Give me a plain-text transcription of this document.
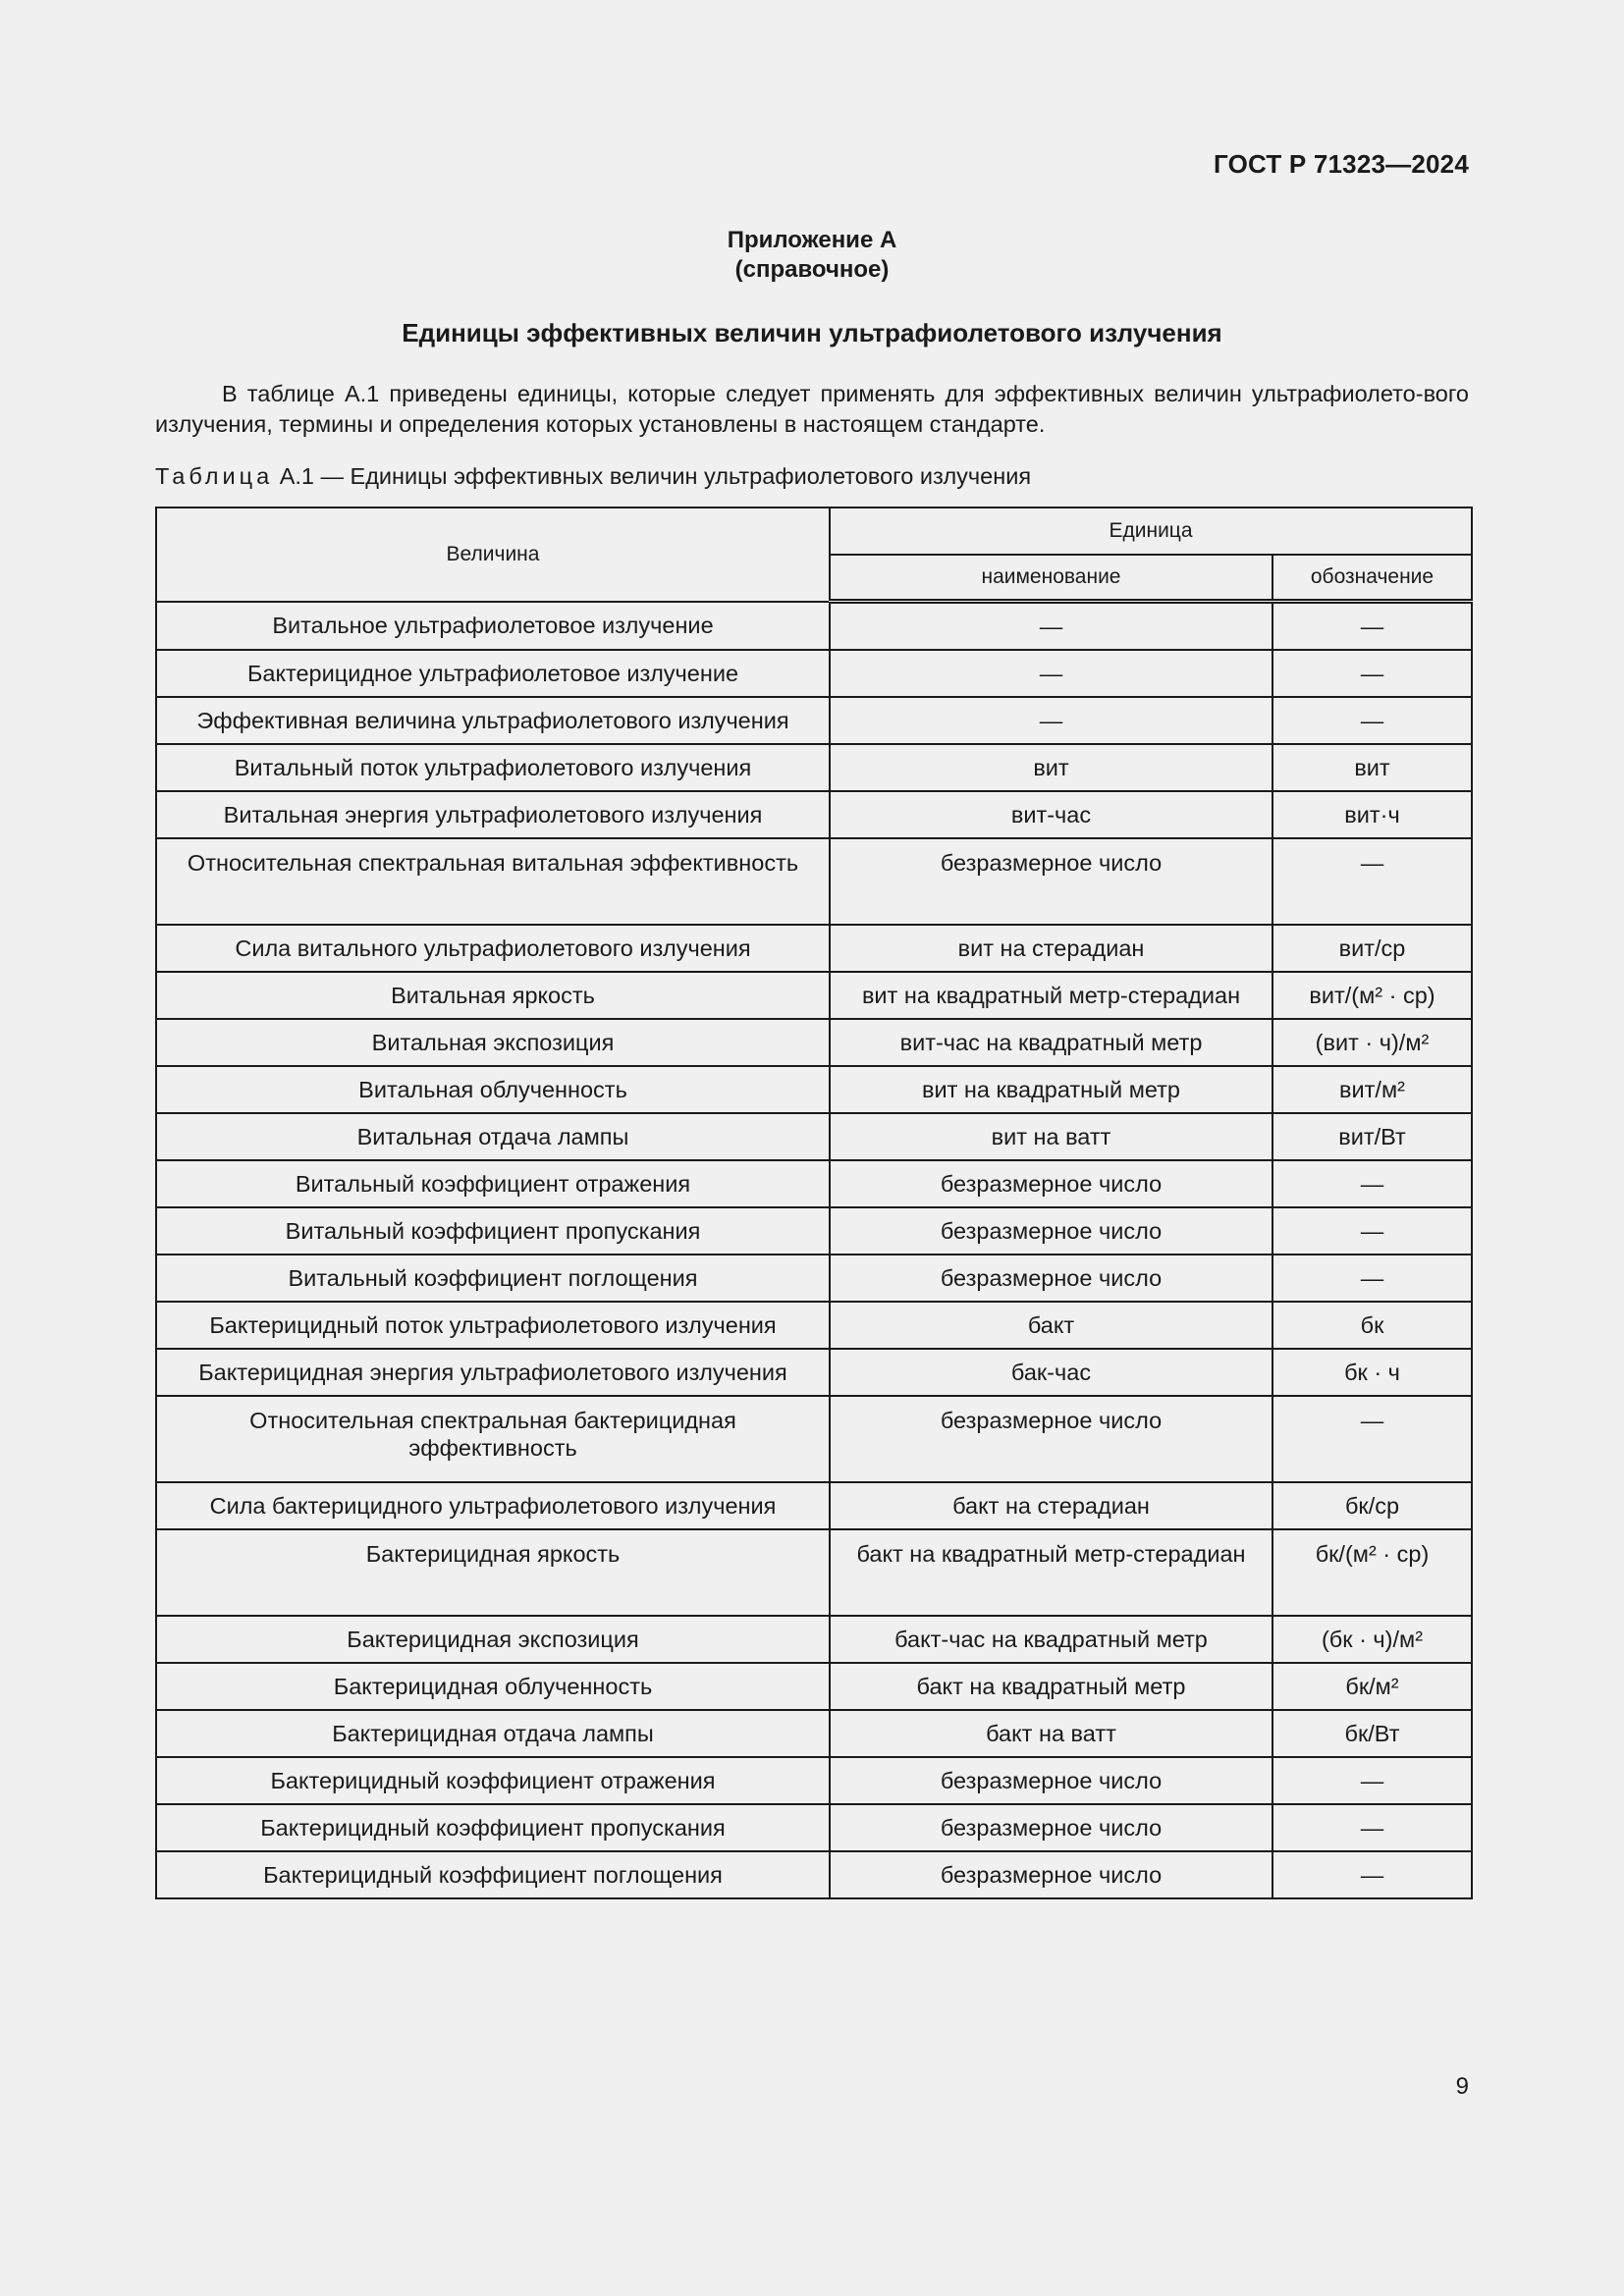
ГОСТ Р 71323—2024
Приложение А
(справочное)
Единицы эффективных величин ультрафиолетового излучения

В таблице А.1 приведены единицы, которые следует применять для эффективных величин ультрафиолето-вого излучения, термины и определения которых установлены в настоящем стандарте.

Таблица А.1 — Единицы эффективных величин ультрафиолетового излучения
Величина	Единица	
	наименование	обозначение
Витальное ультрафиолетовое излучение	—	—
Бактерицидное ультрафиолетовое излучение	—	—
Эффективная величина ультрафиолетового излучения	—	—
Витальный поток ультрафиолетового излучения	вит	вит
Витальная энергия ультрафиолетового излучения	вит-час	вит·ч
Относительная спектральная витальная эффективность	безразмерное число	—
Сила витального ультрафиолетового излучения	вит на стерадиан	вит/ср
Витальная яркость	вит на квадратный метр-стерадиан	вит/(м² · ср)
Витальная экспозиция	вит-час на квадратный метр	(вит · ч)/м²
Витальная облученность	вит на квадратный метр	вит/м²
Витальная отдача лампы	вит на ватт	вит/Вт
Витальный коэффициент отражения	безразмерное число	—
Витальный коэффициент пропускания	безразмерное число	—
Витальный коэффициент поглощения	безразмерное число	—
Бактерицидный поток ультрафиолетового излучения	бакт	бк
Бактерицидная энергия ультрафиолетового излучения	бак-час	бк · ч
Относительная спектральная бактерицидная эффективность	безразмерное число	—
Сила бактерицидного ультрафиолетового излучения	бакт на стерадиан	бк/ср
Бактерицидная яркость	бакт на квадратный метр-стерадиан	бк/(м² · ср)
Бактерицидная экспозиция	бакт-час на квадратный метр	(бк · ч)/м²
Бактерицидная облученность	бакт на квадратный метр	бк/м²
Бактерицидная отдача лампы	бакт на ватт	бк/Вт
Бактерицидный коэффициент отражения	безразмерное число	—
Бактерицидный коэффициент пропускания	безразмерное число	—
Бактерицидный коэффициент поглощения	безразмерное число	—
9
